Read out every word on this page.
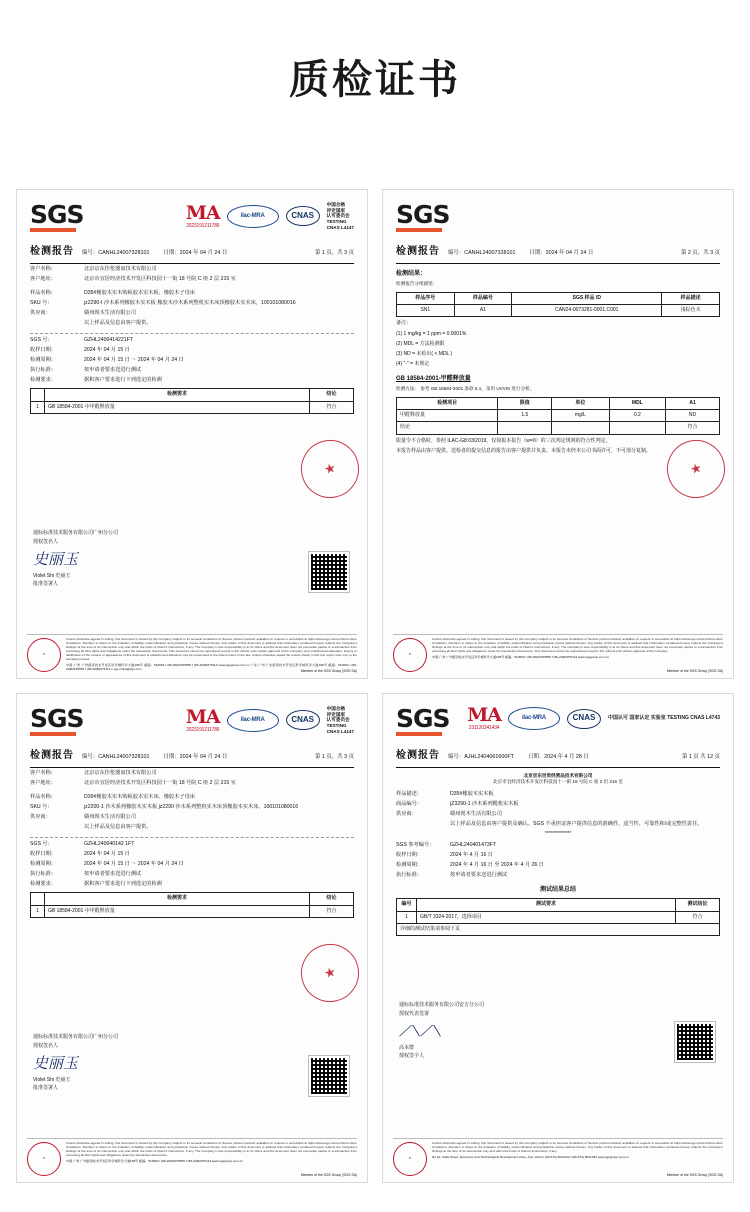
质检证书
SGS	MA
2023191211786
ilac-MRA	CNAS
中国合格
评定国家
认可委员会
TESTING
CNAS L4147
检测报告 编号：CANHL24007328101	日期：2024 年 04 月 24 日	第 1 页，共 3 页
客户名称：	北京京东佳伦器皿技术有限公司
客户地址：	北京市宜居经济技术开发区科技园十一街 18 号院 C 座 2 层 215 室
样品名称：	D35#橡胶木实木购板胶木实木板、橡胶木子母床
SKU 号：	jz2290-I 沙木系列橡胶木实木板 橡胶木沙木系列整机实木床顶橡胶木实木床，100101080016
供应商：	赣州现木生活有限公司
以上样品及信息由客户提供。
SGS 号：	GZHL2400414221FT
收样日期：	2024 年 04 月 15 日
检测周期：	2024 年 04 月 15 日 ～ 2024 年 04 月 24 日
执行标准：	按申请者要求送进行测试
检测要求：	据积客户要求进行下列选定的检测
	检测要求	结论
1	GB 18584-2001 中甲醛释放量	符合
★
通标标准技术服务有限公司广州分公司
授权签名人
史丽玉
Violet Shi 史丽玉
批准签署人
★
Unless otherwise agreed in writing, this document is issued by the Company subject to its General Conditions of Service printed overleaf, available on request or accessible at https://www.sgs.com/en/Terms-and-Conditions. Attention is drawn to the limitation of liability, indemnification and jurisdiction issues defined therein. Any holder of this document is advised that information contained hereon reflects the Company's findings at the time of its intervention only and within the limits of Client's instructions, if any. The Company's sole responsibility is to its Client and this document does not exonerate parties to a transaction from exercising all their rights and obligations under the transaction documents. This document cannot be reproduced except in full, without prior written approval of the Company. Any unauthorized alteration, forgery or falsification of the content or appearance of this document is unlawful and offenders may be prosecuted to the fullest extent of the law. Unless otherwise stated the results shown in this test report refer only to the sample(s) tested.
中国·广州·广州经济技术开发区科学城科学大道198号 邮编：510663 t (86-20)82155555 f (86-20)82075113 www.sgsgroup.com.cn 广东 广州 广东经济技术开发区科学城科学大道198号 邮编：510663 t (86-20)82155555 f (86-20)82075113 e sgs.china@sgs.com	Member of the SGS Group (SGS SA)
SGS
检测报告 编号：CANHL24007328101	日期：2024 年 04 月 24 日	第 2 页，共 3 页
检测结果：
检测报告分组描述：
样品序号	样品编号	SGS 样品 ID	样品描述
SN1	A1	CAN24-0073281-0001.C001	浅棕色木
备注：
(1) 1 mg/kg = 1 ppm = 0.0001%
(2) MDL = 方法检测限
(3) ND = 未检出( < MDL )
(4) "-" = 未规定
GB 18584-2001-甲醛释放量
检测方法： 参考 GB 18584-2001 条款 5.1，采用 UVVIS 进行分析。
检测项目	限值	单位	MDL	A1
甲醛释放量	1.5	mg/L	0.2	ND
结论				符合
限量令不合格时，参照 ILAC-G8:03/2019，仅简报本报告（w=0）的三次判定规则的符合性判定。
本报告样品由客户提供。送检者的提交信息的报告由客户提供并负责。本报告末经本公司书面许可，不可部分复制。
★
★
Unless otherwise agreed in writing, this document is issued by the Company subject to its General Conditions of Service printed overleaf, available on request or accessible at https://www.sgs.com/en/Terms-and-Conditions. Attention is drawn to the limitation of liability, indemnification and jurisdiction issues defined therein. Any holder of this document is advised that information contained hereon reflects the Company's findings at the time of its intervention only and within the limits of Client's instructions, if any. The Company's sole responsibility is to its Client and this document does not exonerate parties to a transaction from exercising all their rights and obligations under the transaction documents. This document cannot be reproduced except in full, without prior written approval of the Company.
中国·广州·广州经济技术开发区科学城科学大道198号 邮编：510663 t (86-20)82155555 f (86-20)82075113 www.sgsgroup.com.cn
Member of the SGS Group (SGS SA)
SGS	MA
2023191211786
ilac-MRA	CNAS
中国合格
评定国家
认可委员会
TESTING
CNAS L4147
检测报告 编号：CANHL24007328101	日期：2024 年 04 月 24 日	第 1 页，共 3 页
客户名称：	北京京东佳伦器皿技术有限公司
客户地址：	北京市宜居经济技术开发区科技园十一街 18 号院 C 座 2 层 215 室
样品名称：	D39#橡胶木实木购板胶木实木床、橡胶木子母床
SKU 号：	jz2200-1 沙木系列橡胶木实木板 jz2290 沙木系列整机实木床顶橡胶木实木床，100101080016
供应商：	赣州现木生活有限公司
以上样品及信息由客户提供。
SGS 号：	GZHL240040142 1FT
收样日期：	2024 年 04 月 15 日
检测周期：	2024 年 04 月 15 日 ～ 2024 年 04 月 24 日
执行标准：	按申请者要求送进行测试
检测要求：	据积客户要求进行下列选定的检测
	检测要求	结论
1	GB 18584-2001 中甲醛释放量	符合
★
通标标准技术服务有限公司广州分公司
授权签名人
史丽玉
Violet Shi 史丽玉
批准签署人
★
Unless otherwise agreed in writing, this document is issued by the Company subject to its General Conditions of Service printed overleaf, available on request or accessible at https://www.sgs.com/en/Terms-and-Conditions. Attention is drawn to the limitation of liability, indemnification and jurisdiction issues defined therein. Any holder of this document is advised that information contained hereon reflects the Company's findings at the time of its intervention only and within the limits of Client's instructions, if any. The Company's sole responsibility is to its Client and this document does not exonerate parties to a transaction from exercising all their rights and obligations under the transaction documents.
中国·广州·广州经济技术开发区科学城科学大道198号 邮编：510663 t (86-20)82155555 f (86-20)82075113 www.sgsgroup.com.cn
Member of the SGS Group (SGS SA)
SGS MA
231120341434
ilac-MRA	CNAS	中国认可 国家认定 实验室 TESTING CNAS L4743
检测报告 编号：AJHL2404061600FT	日期：2024 年 4 月 28 日	第 1 页 共 12 页
北京京东世贸经营品技术有限公司
北京市宜经济技术开发区科技园十一街 18 号院 C 座 2 层 215 室
样品描述：	D35#橡胶木实木板
商品编号：	jZ3290-1 沙木系列榄机实木板
供应商：	赣州现木生活有限公司
以上样品及信息由客户提供及确认。SGS 不承担证客户提供信息的准确性、适当性、可靠性和/或完整性责任。
*************
SGS 参考编号：	GZHL240401473FT
收样日期：	2024 年 4 月 16 日
检测周期：	2024 年 4 月 16 日 至 2024 年 4 月 26 日
执行标准：	按申请者要求送进行测试
测试结果总结
编号	测试要求	测试结论
1	GB/T 3324-2017，选择项目	符合
详细的测试结果请参阅下页		
通标标准技术服务有限公司安吉分公司
授权代表签署
⟋⟍⟋⟍
高本群
授权签字人
★
Unless otherwise agreed in writing, this document is issued by the Company subject to its General Conditions of Service printed overleaf, available on request or accessible at https://www.sgs.com/en/Terms-and-Conditions. Attention is drawn to the limitation of liability, indemnification and jurisdiction issues defined therein. Any holder of this document is advised that information contained hereon reflects the Company's findings at the time of its intervention only and within the limits of Client's instructions, if any.
No.10, Kaifa Street, Economic and Technological Development Zone, Anji, China t (86-572) 5021222 f (86-572) 5021333 www.sgsgroup.com.cn
Member of the SGS Group (SGS SA)
